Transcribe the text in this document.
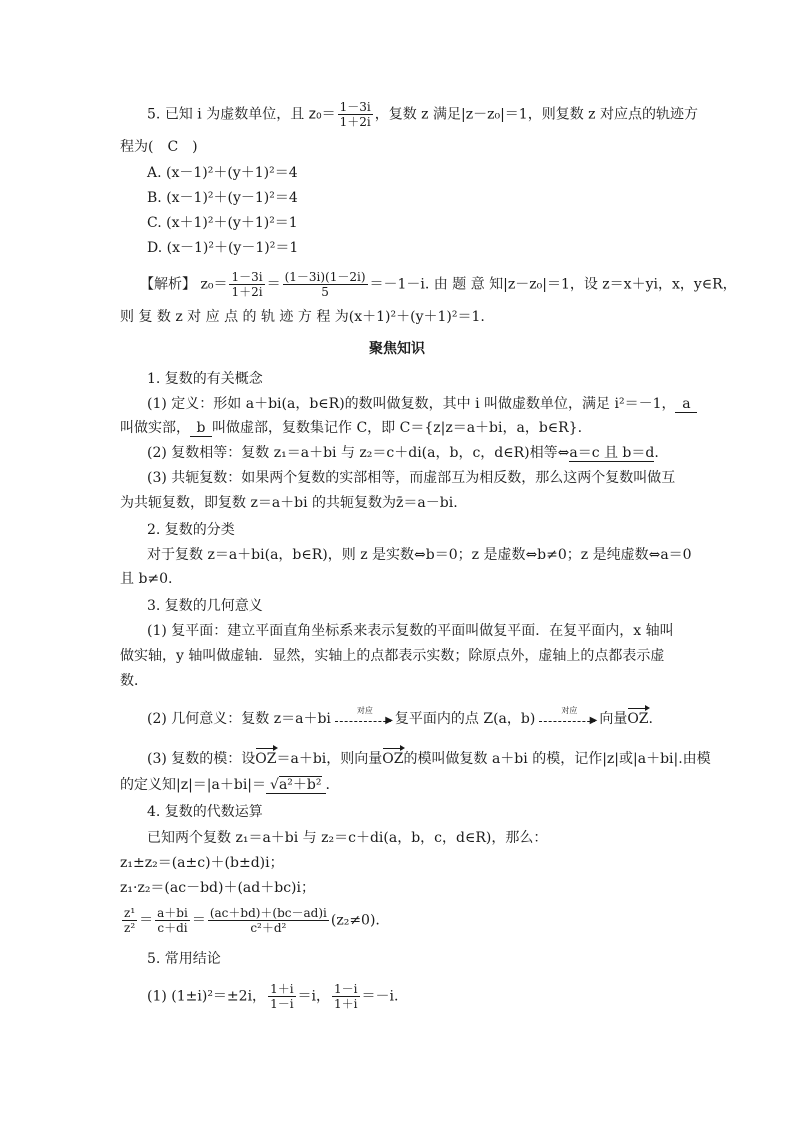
5. 已知 i 为虚数单位，且 $z_0= \frac{1-3i}{1+2i}$ ，复数 z 满足|z－z₀|＝1，则复数 z 对应点的轨迹方
程为(　C　)
A. (x－1)²＋(y＋1)²＝4
B. (x－1)²＋(y－1)²＝4
C. (x＋1)²＋(y＋1)²＝1
D. (x－1)²＋(y－1)²＝1
【解析】 $z_0= \frac{1-3i}{1+2i} = \frac{(1-3i)(1-2i)}{5} =-1-i$. 由 题 意 知|z－z₀|＝1，设 z＝x＋yi，x，y∈R，
则 复 数 z 对 应 点 的 轨 迹 方 程 为(x＋1)²＋(y＋1)²＝1.
聚焦知识
1. 复数的有关概念
(1) 定义：形如 a＋bi(a，b∈R)的数叫做复数，其中 i 叫做虚数单位，满足 i²＝－1， a
叫做实部， b 叫做虚部，复数集记作 C，即 C＝{z|z＝a＋bi，a，b∈R}.
(2) 复数相等：复数 z₁＝a＋bi 与 z₂＝c＋di(a，b，c，d∈R)相等⇔a＝c 且 b＝d.
(3) 共轭复数：如果两个复数的实部相等，而虚部互为相反数，那么这两个复数叫做互
为共轭复数，即复数 z＝a＋bi 的共轭复数为z̄＝a－bi.
2. 复数的分类
对于复数 z＝a＋bi(a，b∈R)，则 z 是实数⇔b＝0；z 是虚数⇔b≠0；z 是纯虚数⇔a＝0
且 b≠0.
3. 复数的几何意义
(1) 复平面：建立平面直角坐标系来表示复数的平面叫做复平面．在复平面内，x 轴叫
做实轴，y 轴叫做虚轴．显然，实轴上的点都表示实数；除原点外，虚轴上的点都表示虚
数．
(2) 几何意义：复数 z＝a＋bi
对应
▶ 复平面内的点 Z(a，b)
对应
▶ 向量OZ.
(3) 复数的模：设OZ＝a＋bi，则向量OZ的模叫做复数 a＋bi 的模，记作|z|或|a＋bi|.由模
的定义知|z|＝|a＋bi|＝ √a²＋b² .
4. 复数的代数运算
已知两个复数 z₁＝a＋bi 与 z₂＝c＋di(a，b，c，d∈R)，那么：
z₁±z₂＝(a±c)＋(b±d)i；
z₁·z₂＝(ac－bd)＋(ad＋bc)i；
$\frac{\text{z¹}}{\text{z²}} = \frac{a+bi}{c+di} = \frac{(ac+bd)+(bc-ad)i}{\text{c²＋d²}} (z_2\ne 0)$.
5. 常用结论
(1) (1±i)²＝±2i， $\frac{1+i}{1-i} =i$， $\frac{1-i}{1+i} =-i$.
